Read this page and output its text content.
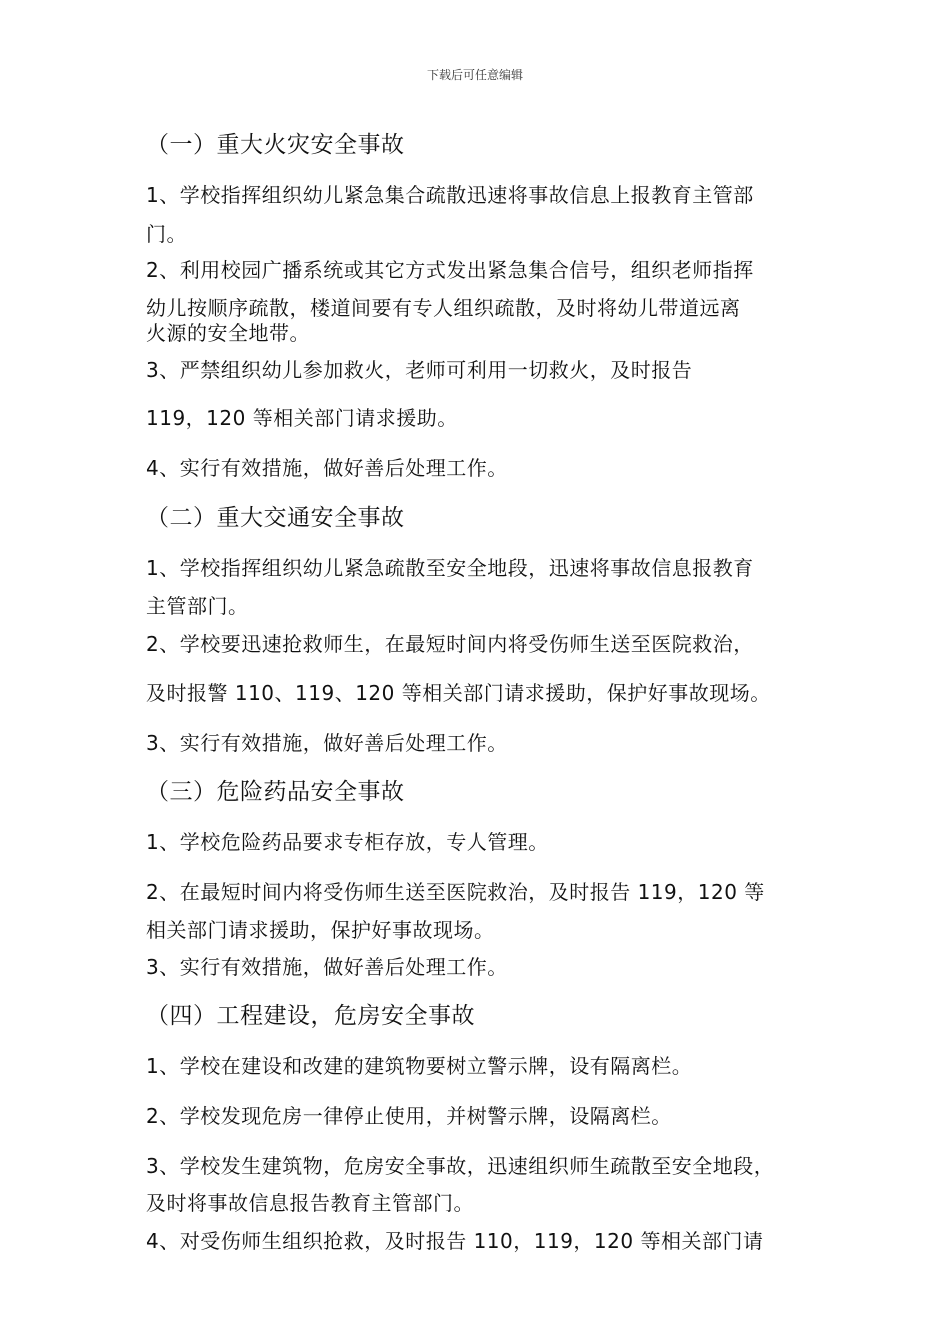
下载后可任意编辑
（一）重大火灾安全事故
1、学校指挥组织幼儿紧急集合疏散迅速将事故信息上报教育主管部
门。
2、利用校园广播系统或其它方式发出紧急集合信号，组织老师指挥
幼儿按顺序疏散，楼道间要有专人组织疏散，及时将幼儿带道远离
火源的安全地带。
3、严禁组织幼儿参加救火，老师可利用一切救火，及时报告
119，120 等相关部门请求援助。
4、实行有效措施，做好善后处理工作。
（二）重大交通安全事故
1、学校指挥组织幼儿紧急疏散至安全地段，迅速将事故信息报教育
主管部门。
2、学校要迅速抢救师生，在最短时间内将受伤师生送至医院救治，
及时报警 110、119、120 等相关部门请求援助，保护好事故现场。
3、实行有效措施，做好善后处理工作。
（三）危险药品安全事故
1、学校危险药品要求专柜存放，专人管理。
2、在最短时间内将受伤师生送至医院救治，及时报告 119，120 等
相关部门请求援助，保护好事故现场。
3、实行有效措施，做好善后处理工作。
（四）工程建设，危房安全事故
1、学校在建设和改建的建筑物要树立警示牌，设有隔离栏。
2、学校发现危房一律停止使用，并树警示牌，设隔离栏。
3、学校发生建筑物，危房安全事故，迅速组织师生疏散至安全地段，
及时将事故信息报告教育主管部门。
4、对受伤师生组织抢救，及时报告 110，119，120 等相关部门请
